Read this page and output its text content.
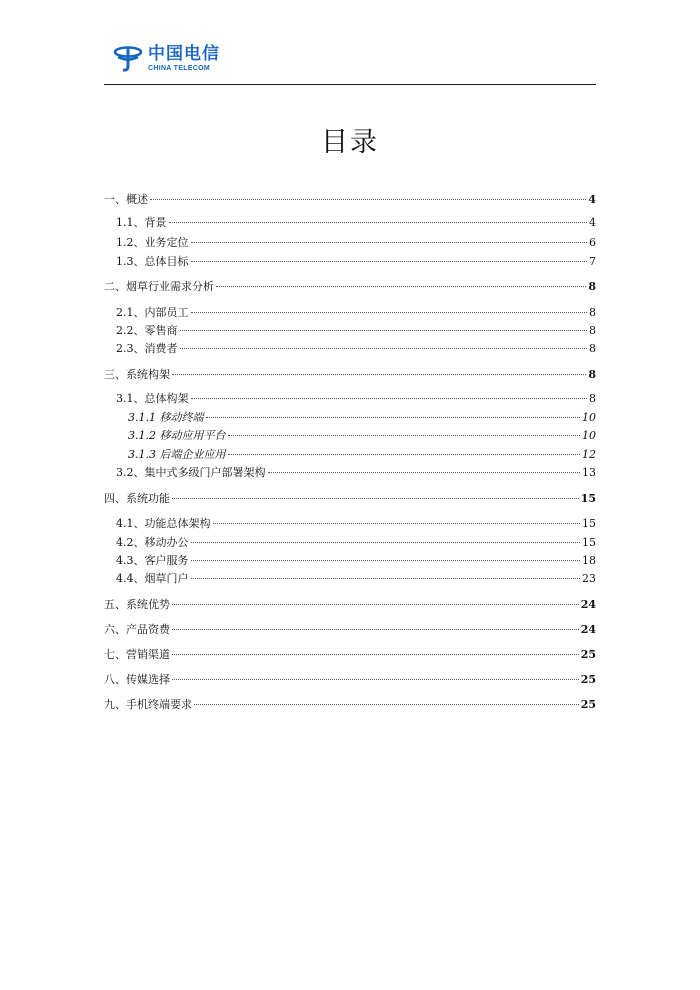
中国电信
CHINA TELECOM
目录
一、概述	4
1.1、背景	4
1.2、业务定位	6
1.3、总体目标	7
二、烟草行业需求分析	8
2.1、内部员工	8
2.2、零售商	8
2.3、消费者	8
三、系统构架	8
3.1、总体构架	8
3.1.1 移动终端	10
3.1.2 移动应用平台	10
3.1.3 后端企业应用	12
3.2、集中式多级门户部署架构	13
四、系统功能	15
4.1、功能总体架构	15
4.2、移动办公	15
4.3、客户服务	18
4.4、烟草门户	23
五、系统优势	24
六、产品资费	24
七、营销渠道	25
八、传媒选择	25
九、手机终端要求	25
